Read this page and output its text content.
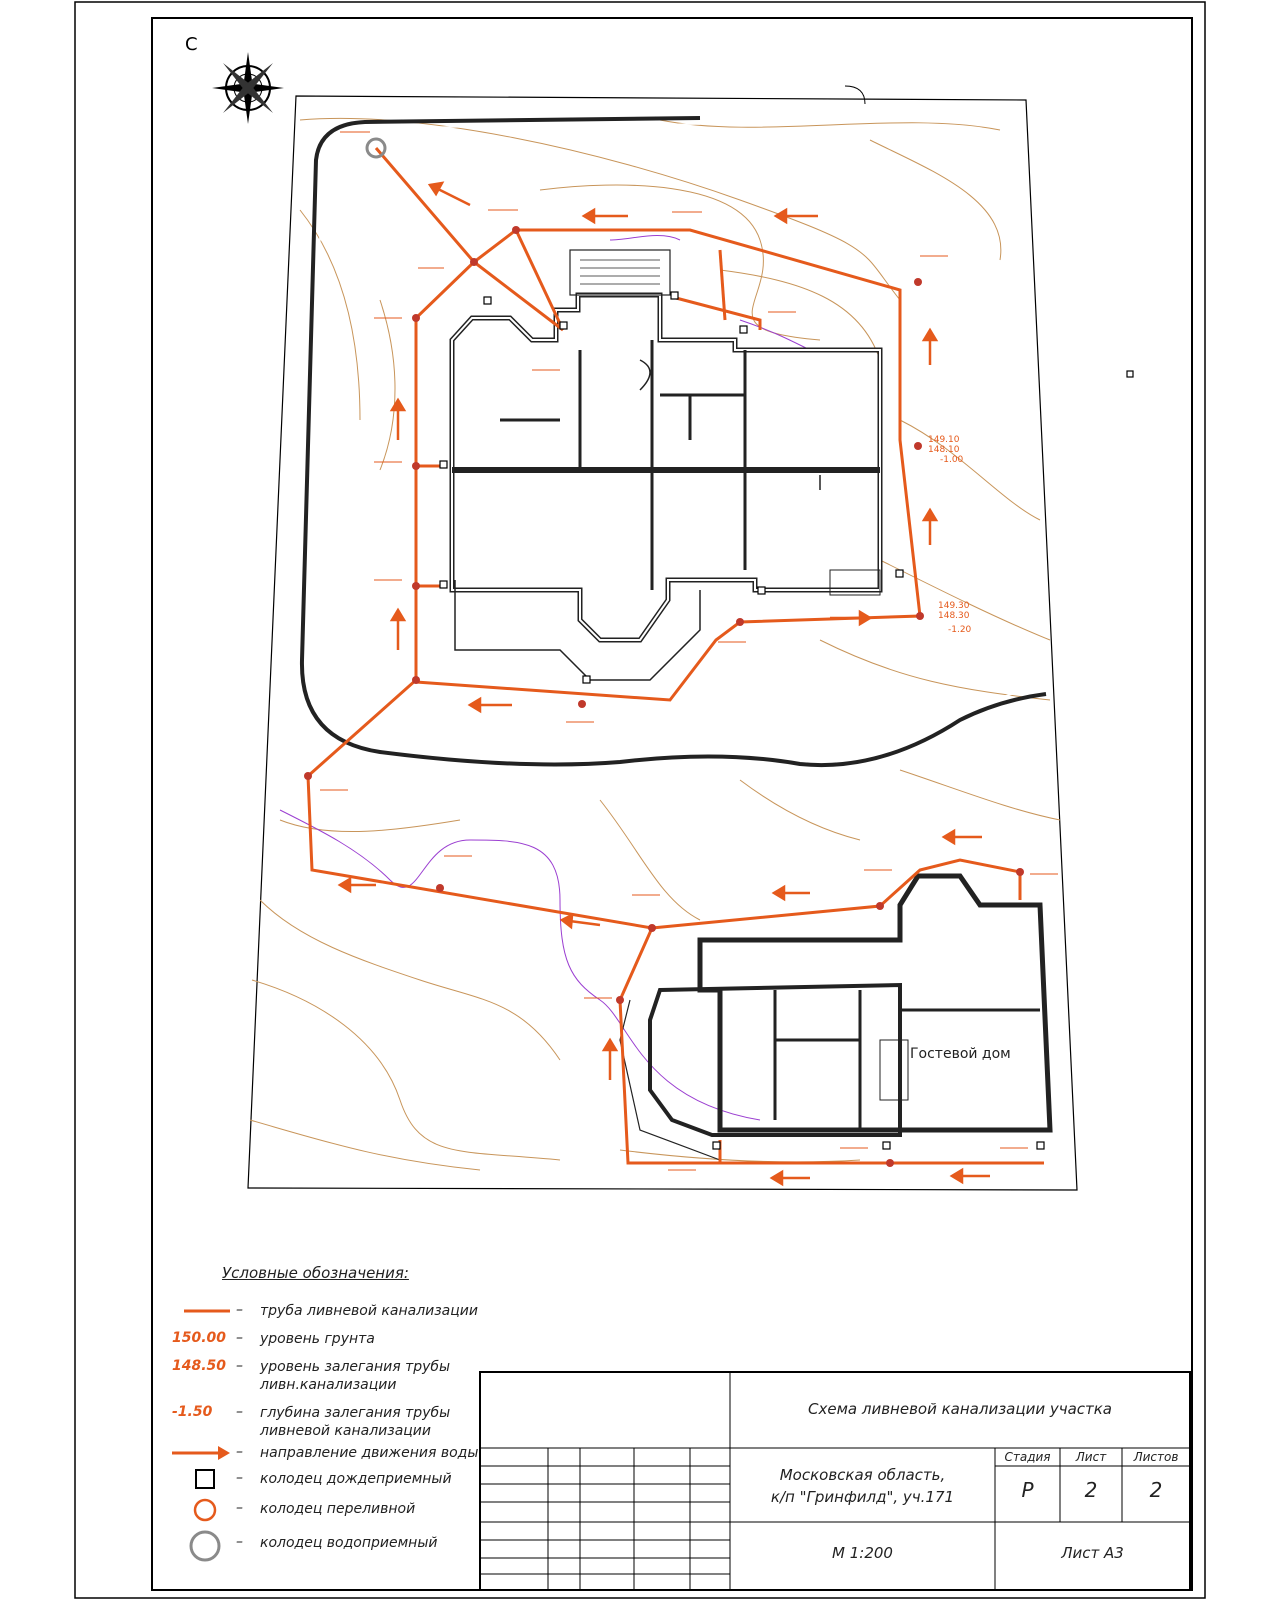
С
Гостевой дом
149.10
148.10
-1.00
149.30
148.30
-1.20
Условные обозначения:
– труба ливневой канализации
150.00 – уровень грунта
148.50 – уровень залегания трубы ливн.канализации
-1.50 – глубина залегания трубы ливневой канализации
– направление движения воды
– колодец дождеприемный
– колодец переливной
– колодец водоприемный
Схема ливневой канализации участка
Московская область,
к/п "Гринфилд", уч.171
Стадия	Лист	Листов
Р	2	2
М 1:200	Лист А3
